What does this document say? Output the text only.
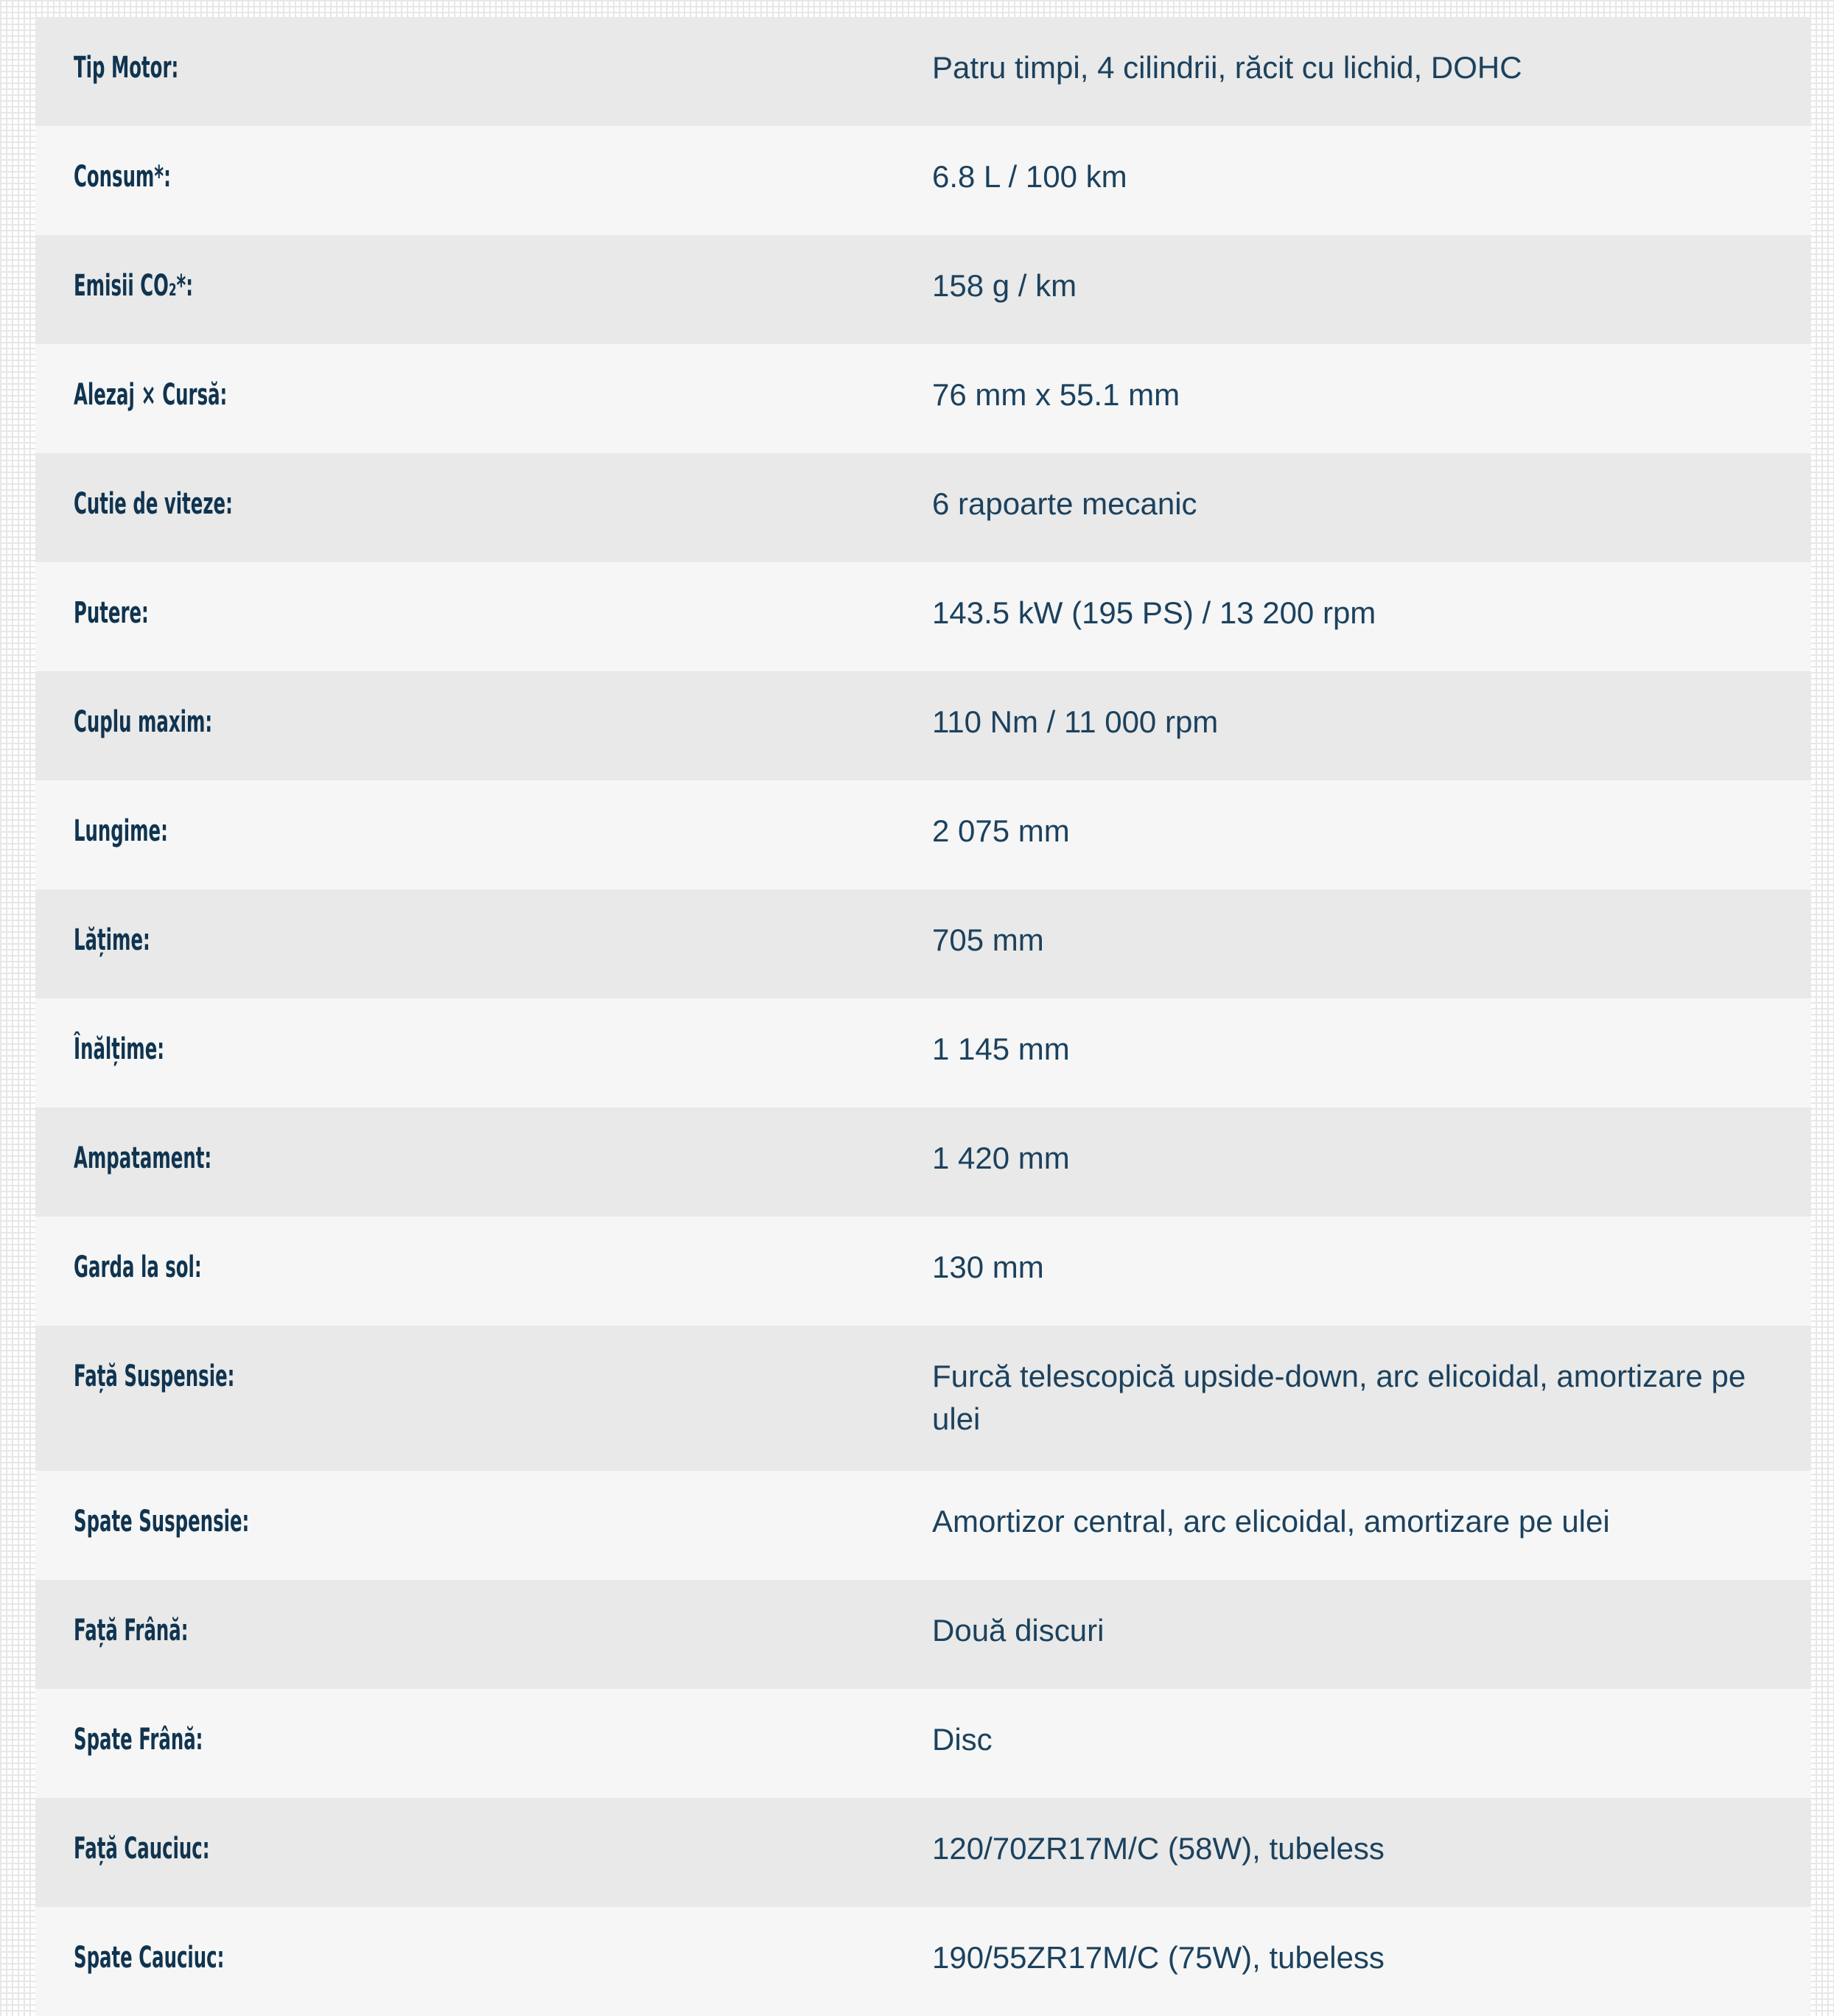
Tip Motor:	Patru timpi, 4 cilindrii, răcit cu lichid, DOHC
Consum*:	6.8 L / 100 km
Emisii CO₂*:	158 g / km
Alezaj × Cursă:	76 mm x 55.1 mm
Cutie de viteze:	6 rapoarte mecanic
Putere:	143.5 kW (195 PS) / 13 200 rpm
Cuplu maxim:	110 Nm / 11 000 rpm
Lungime:	2 075 mm
Lățime:	705 mm
Înălțime:	1 145 mm
Ampatament:	1 420 mm
Garda la sol:	130 mm
Față Suspensie:	Furcă telescopică upside-down, arc elicoidal, amortizare pe ulei
Spate Suspensie:	Amortizor central, arc elicoidal, amortizare pe ulei
Față Frână:	Două discuri
Spate Frână:	Disc
Față Cauciuc:	120/70ZR17M/C (58W), tubeless
Spate Cauciuc:	190/55ZR17M/C (75W), tubeless
